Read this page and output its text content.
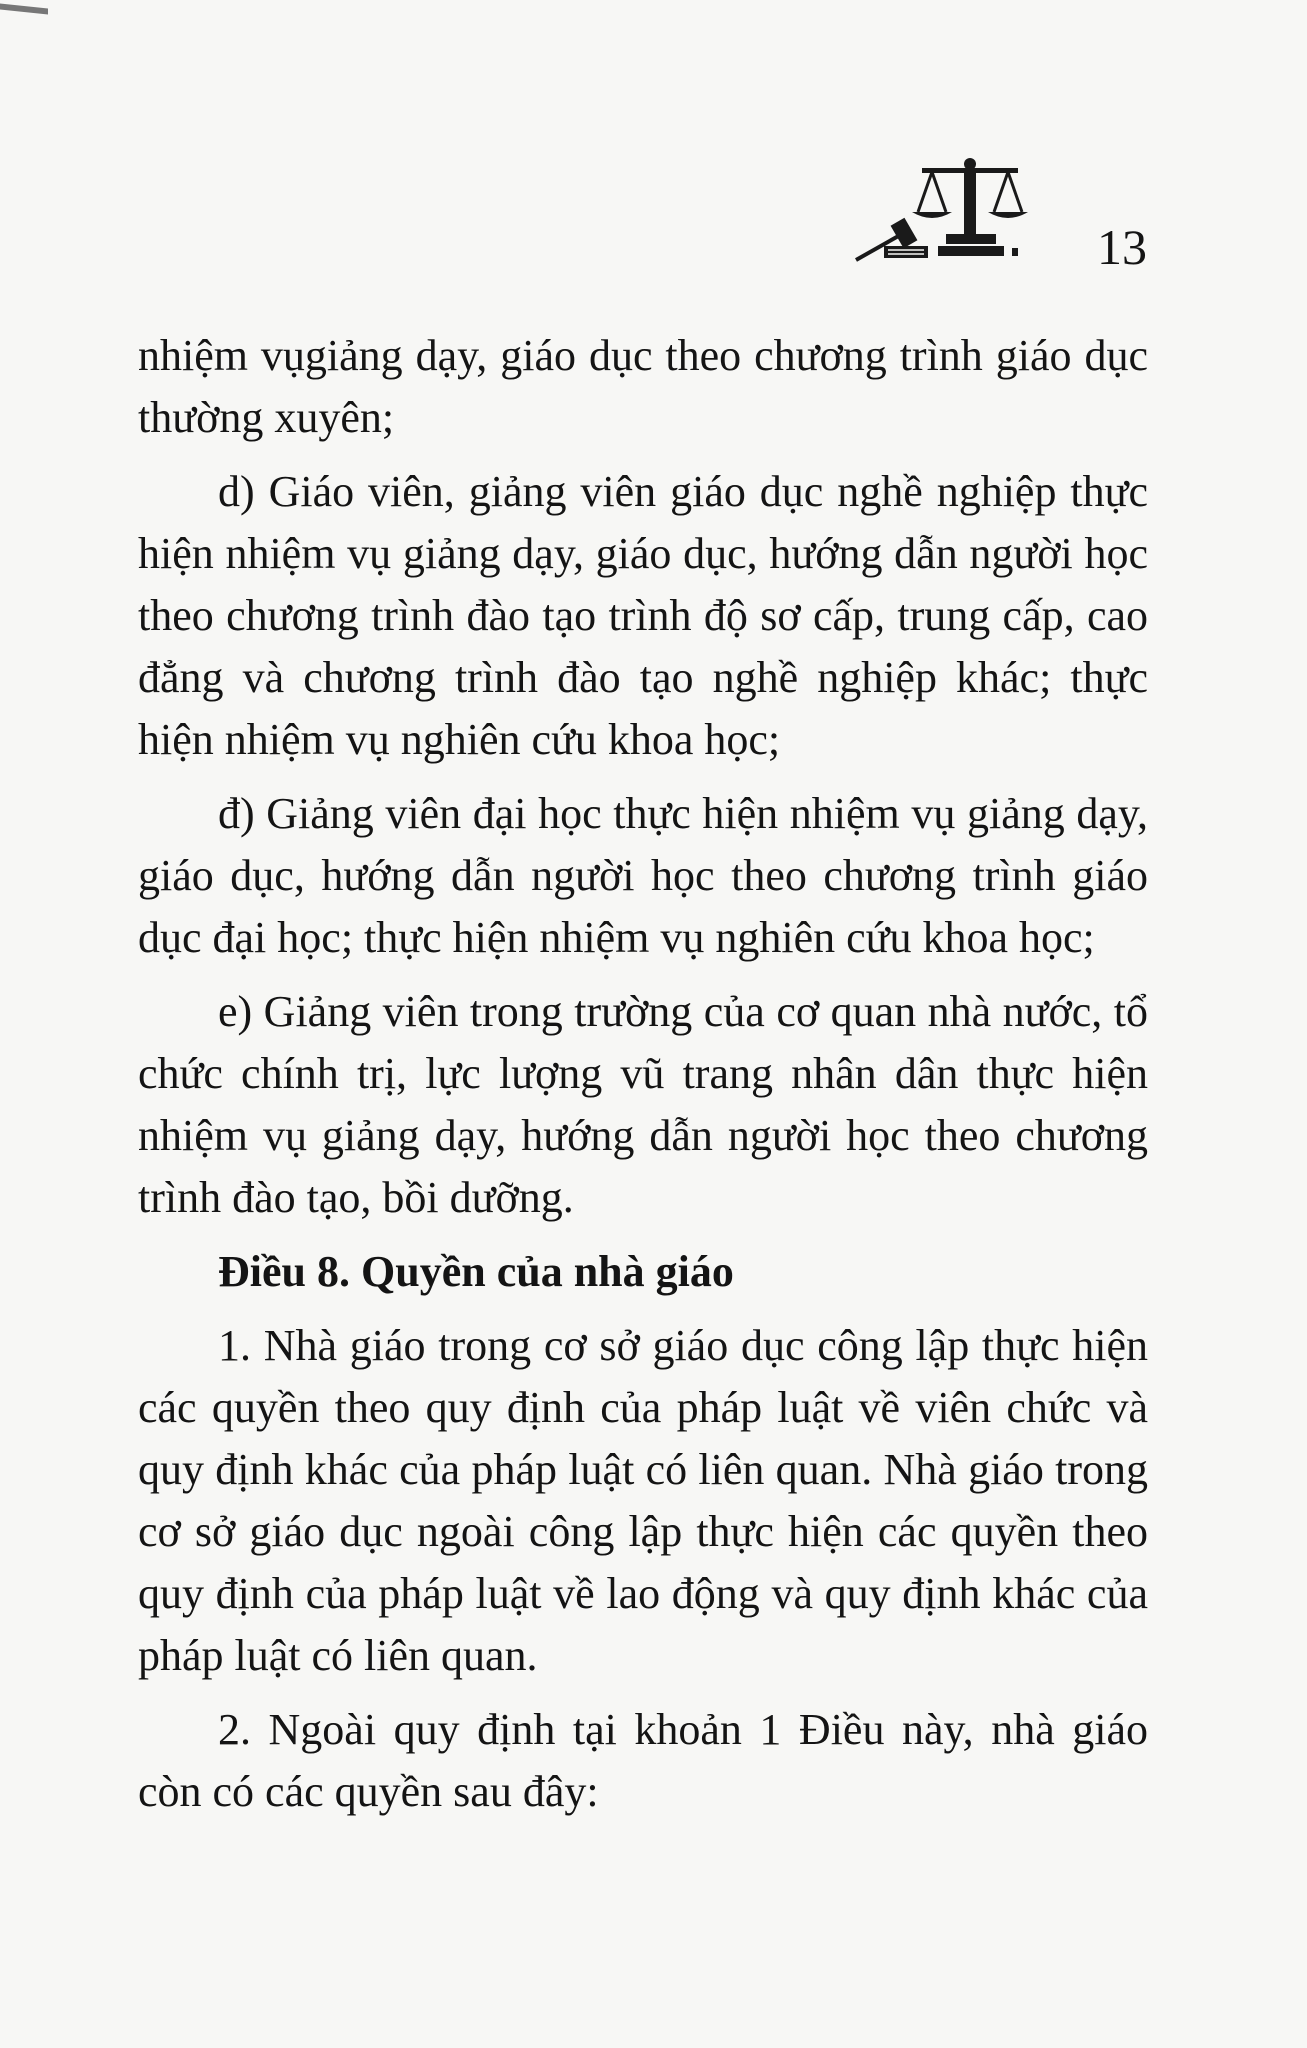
13

nhiệm vụgiảng dạy, giáo dục theo chương trình giáo dục thường xuyên;

d) Giáo viên, giảng viên giáo dục nghề nghiệp thực hiện nhiệm vụ giảng dạy, giáo dục, hướng dẫn người học theo chương trình đào tạo trình độ sơ cấp, trung cấp, cao đẳng và chương trình đào tạo nghề nghiệp khác; thực hiện nhiệm vụ nghiên cứu khoa học;

đ) Giảng viên đại học thực hiện nhiệm vụ giảng dạy, giáo dục, hướng dẫn người học theo chương trình giáo dục đại học; thực hiện nhiệm vụ nghiên cứu khoa học;

e) Giảng viên trong trường của cơ quan nhà nước, tổ chức chính trị, lực lượng vũ trang nhân dân thực hiện nhiệm vụ giảng dạy, hướng dẫn người học theo chương trình đào tạo, bồi dưỡng.

Điều 8. Quyền của nhà giáo

1. Nhà giáo trong cơ sở giáo dục công lập thực hiện các quyền theo quy định của pháp luật về viên chức và quy định khác của pháp luật có liên quan. Nhà giáo trong cơ sở giáo dục ngoài công lập thực hiện các quyền theo quy định của pháp luật về lao động và quy định khác của pháp luật có liên quan.

2. Ngoài quy định tại khoản 1 Điều này, nhà giáo còn có các quyền sau đây:
